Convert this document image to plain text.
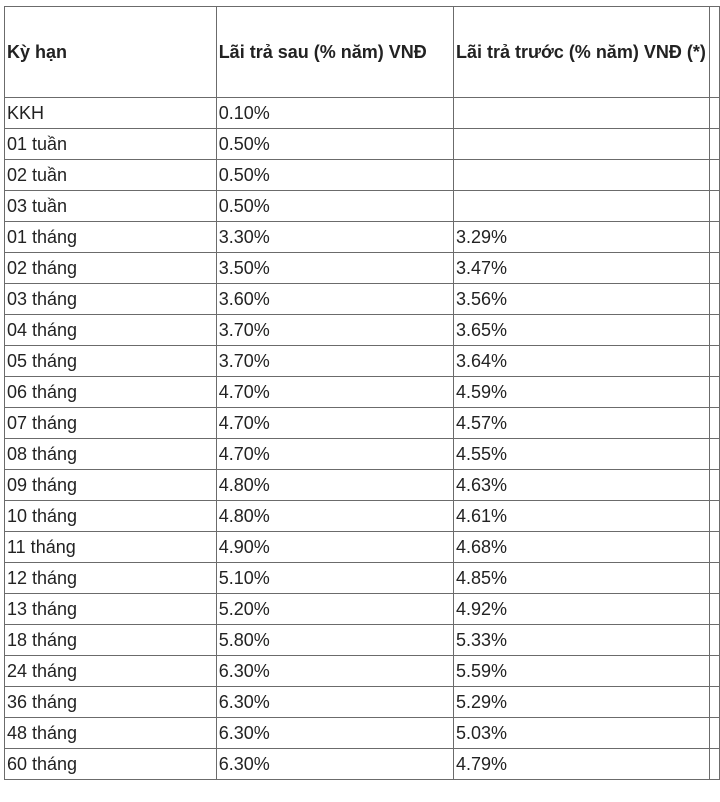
Kỳ hạn	Lãi trả sau (% năm) VNĐ	Lãi trả trước (% năm) VNĐ (*)	
KKH	0.10%		
01 tuần	0.50%		
02 tuần	0.50%		
03 tuần	0.50%		
01 tháng	3.30%	3.29%	
02 tháng	3.50%	3.47%	
03 tháng	3.60%	3.56%	
04 tháng	3.70%	3.65%	
05 tháng	3.70%	3.64%	
06 tháng	4.70%	4.59%	
07 tháng	4.70%	4.57%	
08 tháng	4.70%	4.55%	
09 tháng	4.80%	4.63%	
10 tháng	4.80%	4.61%	
11 tháng	4.90%	4.68%	
12 tháng	5.10%	4.85%	
13 tháng	5.20%	4.92%	
18 tháng	5.80%	5.33%	
24 tháng	6.30%	5.59%	
36 tháng	6.30%	5.29%	
48 tháng	6.30%	5.03%	
60 tháng	6.30%	4.79%	
